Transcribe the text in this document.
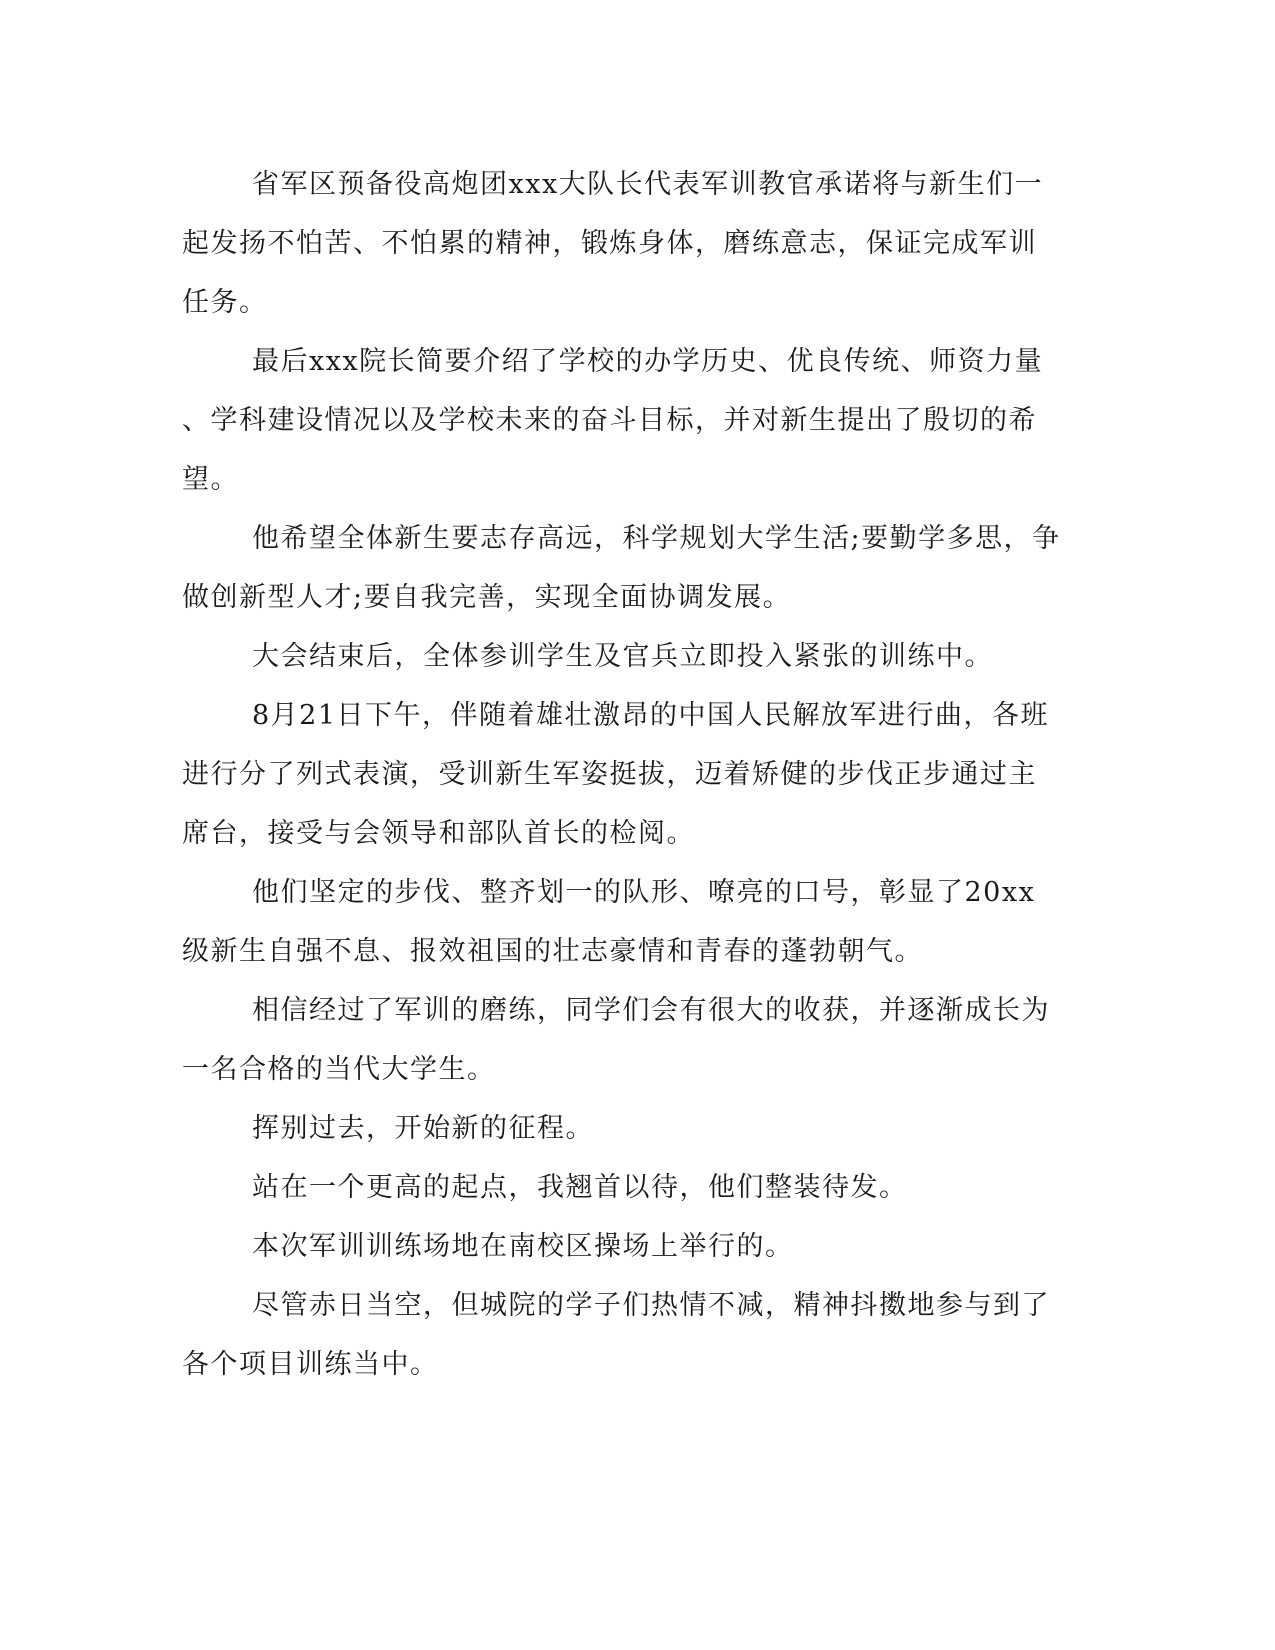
省军区预备役高炮团xxx大队长代表军训教官承诺将与新生们一
起发扬不怕苦、不怕累的精神，锻炼身体，磨练意志，保证完成军训
任务。

最后xxx院长简要介绍了学校的办学历史、优良传统、师资力量
、学科建设情况以及学校未来的奋斗目标，并对新生提出了殷切的希
望。

他希望全体新生要志存高远，科学规划大学生活;要勤学多思，争
做创新型人才;要自我完善，实现全面协调发展。

大会结束后，全体参训学生及官兵立即投入紧张的训练中。

8月21日下午，伴随着雄壮激昂的中国人民解放军进行曲，各班
进行分了列式表演，受训新生军姿挺拔，迈着矫健的步伐正步通过主
席台，接受与会领导和部队首长的检阅。

他们坚定的步伐、整齐划一的队形、嘹亮的口号，彰显了20xx
级新生自强不息、报效祖国的壮志豪情和青春的蓬勃朝气。

相信经过了军训的磨练，同学们会有很大的收获，并逐渐成长为
一名合格的当代大学生。

挥别过去，开始新的征程。

站在一个更高的起点，我翘首以待，他们整装待发。

本次军训训练场地在南校区操场上举行的。

尽管赤日当空，但城院的学子们热情不减，精神抖擞地参与到了
各个项目训练当中。
